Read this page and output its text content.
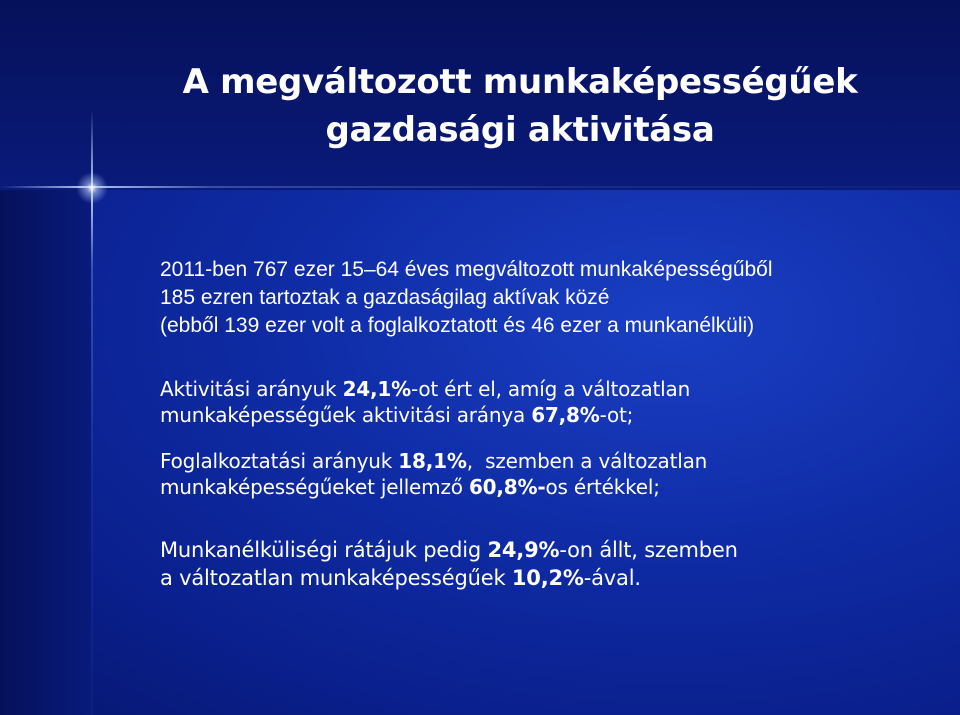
A megváltozott munkaképességűek
gazdasági aktivitása

2011-ben 767 ezer 15–64 éves megváltozott munkaképességűből
185 ezren tartoztak a gazdaságilag aktívak közé
(ebből 139 ezer volt a foglalkoztatott és 46 ezer a munkanélküli)

Aktivitási arányuk 24,1%-ot ért el, amíg a változatlan
munkaképességűek aktivitási aránya 67,8%-ot;

Foglalkoztatási arányuk 18,1%,  szemben a változatlan
munkaképességűeket jellemző 60,8%-os értékkel;

Munkanélküliségi rátájuk pedig 24,9%-on állt, szemben
a változatlan munkaképességűek 10,2%-ával.
